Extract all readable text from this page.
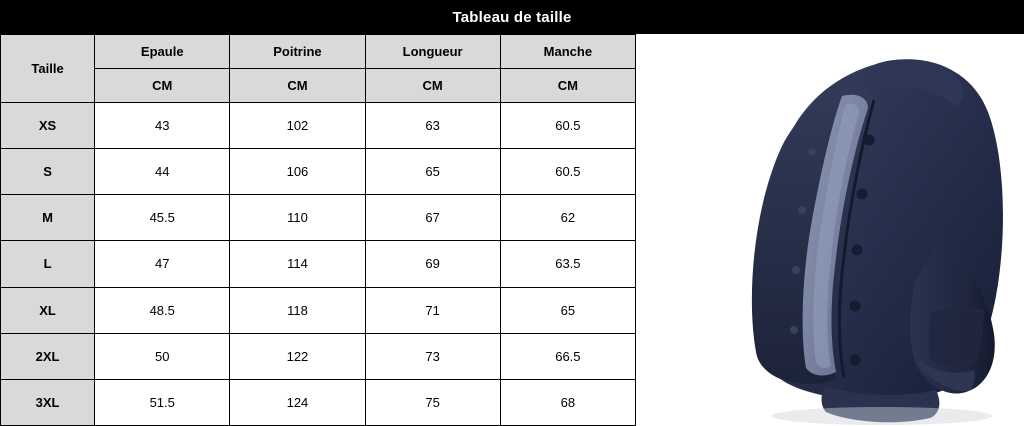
Tableau de taille
Taille	Epaule	Poitrine	Longueur	Manche
	CM	CM	CM	CM
XS	43	102	63	60.5
S	44	106	65	60.5
M	45.5	110	67	62
L	47	114	69	63.5
XL	48.5	118	71	65
2XL	50	122	73	66.5
3XL	51.5	124	75	68
